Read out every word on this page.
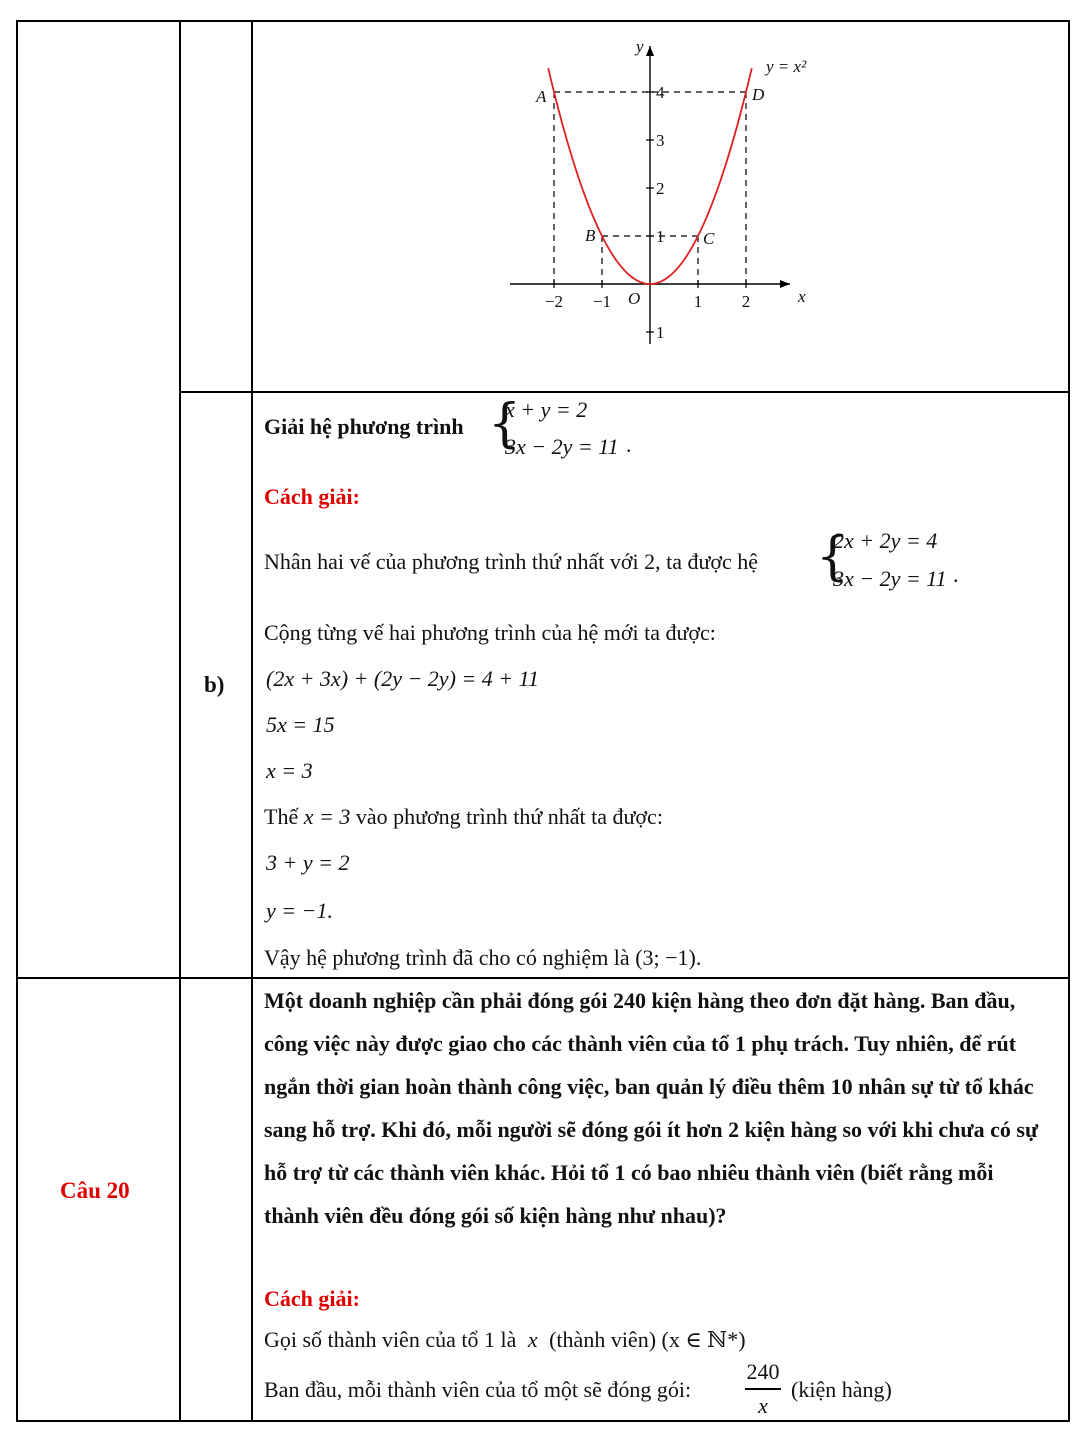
−2 −1	1 2
4
3
2
1
1
O	x
y
y = x²
A
B	C
D
b)
Giải hệ phương trình {
x + y = 2
3x − 2y = 11 .
Cách giải:
Nhân hai vế của phương trình thứ nhất với 2, ta được hệ {
2x + 2y = 4
3x − 2y = 11 .
Cộng từng vế hai phương trình của hệ mới ta được:
(2x + 3x) + (2y − 2y) = 4 + 11
5x = 15
x = 3
Thế x = 3 vào phương trình thứ nhất ta được:
3 + y = 2
y = −1.
Vậy hệ phương trình đã cho có nghiệm là (3; −1).
Câu 20
Một doanh nghiệp cần phải đóng gói 240 kiện hàng theo đơn đặt hàng. Ban đầu, công việc này được giao cho các thành viên của tổ 1 phụ trách. Tuy nhiên, để rút ngắn thời gian hoàn thành công việc, ban quản lý điều thêm 10 nhân sự từ tổ khác sang hỗ trợ. Khi đó, mỗi người sẽ đóng gói ít hơn 2 kiện hàng so với khi chưa có sự hỗ trợ từ các thành viên khác. Hỏi tổ 1 có bao nhiêu thành viên (biết rằng mỗi thành viên đều đóng gói số kiện hàng như nhau)?
Cách giải:
Gọi số thành viên của tổ 1 là x (thành viên) (x ∈ ℕ*)
Ban đầu, mỗi thành viên của tổ một sẽ đóng gói:
240
x
(kiện hàng)
